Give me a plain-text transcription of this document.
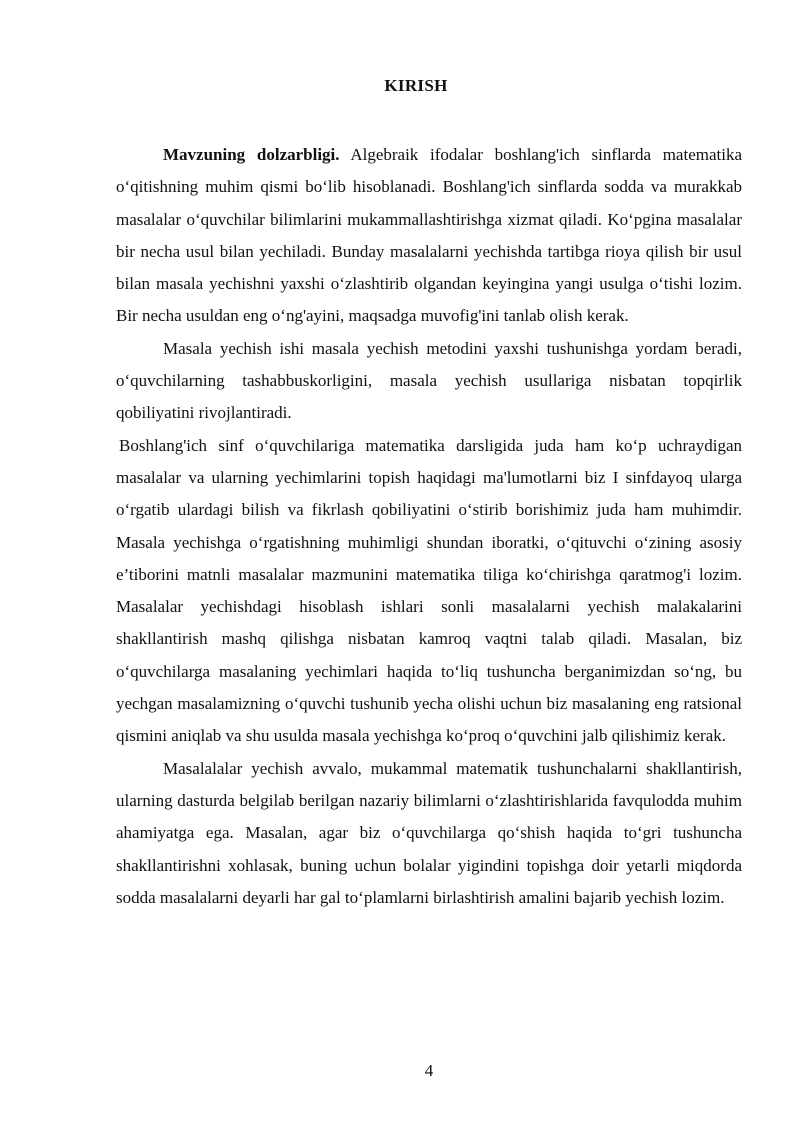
KIRISH

Mavzuning dolzarbligi. Algebraik ifodalar boshlang'ich sinflarda matematika o‘qitishning muhim qismi bo‘lib hisoblanadi. Boshlang'ich sinflarda sodda va murakkab masalalar o‘quvchilar bilimlarini mukammallashtirishga xizmat qiladi. Ko‘pgina masalalar bir necha usul bilan yechiladi. Bunday masalalarni yechishda tartibga rioya qilish bir usul bilan masala yechishni yaxshi o‘zlashtirib olgandan keyingina yangi usulga o‘tishi lozim. Bir necha usuldan eng o‘ng'ayini, maqsadga muvofig'ini tanlab olish kerak.

Masala yechish ishi masala yechish metodini yaxshi tushunishga yordam beradi, o‘quvchilarning tashabbuskorligini, masala yechish usullariga nisbatan topqirlik qobiliyatini rivojlantiradi.

Boshlang'ich sinf o‘quvchilariga matematika darsligida juda ham ko‘p uchraydigan masalalar va ularning yechimlarini topish haqidagi ma'lumotlarni biz I sinfdayoq ularga o‘rgatib ulardagi bilish va fikrlash qobiliyatini o‘stirib borishimiz juda ham muhimdir. Masala yechishga o‘rgatishning muhimligi shundan iboratki, o‘qituvchi o‘zining asosiy e’tiborini matnli masalalar mazmunini matematika tiliga ko‘chirishga qaratmog'i lozim. Masalalar yechishdagi hisoblash ishlari sonli masalalarni yechish malakalarini shakllantirish mashq qilishga nisbatan kamroq vaqtni talab qiladi. Masalan, biz o‘quvchilarga masalaning yechimlari haqida to‘liq tushuncha berganimizdan so‘ng, bu yechgan masalamizning o‘quvchi tushunib yecha olishi uchun biz masalaning eng ratsional qismini aniqlab va shu usulda masala yechishga ko‘proq o‘quvchini jalb qilishimiz kerak.

Masalalalar yechish avvalo, mukammal matematik tushunchalarni shakllantirish, ularning dasturda belgilab berilgan nazariy bilimlarni o‘zlashtirishlarida favqulodda muhim ahamiyatga ega. Masalan, agar biz o‘quvchilarga qo‘shish haqida to‘gri tushuncha shakllantirishni xohlasak, buning uchun bolalar yigindini topishga doir yetarli miqdorda sodda masalalarni deyarli har gal to‘plamlarni birlashtirish amalini bajarib yechish lozim.

4
